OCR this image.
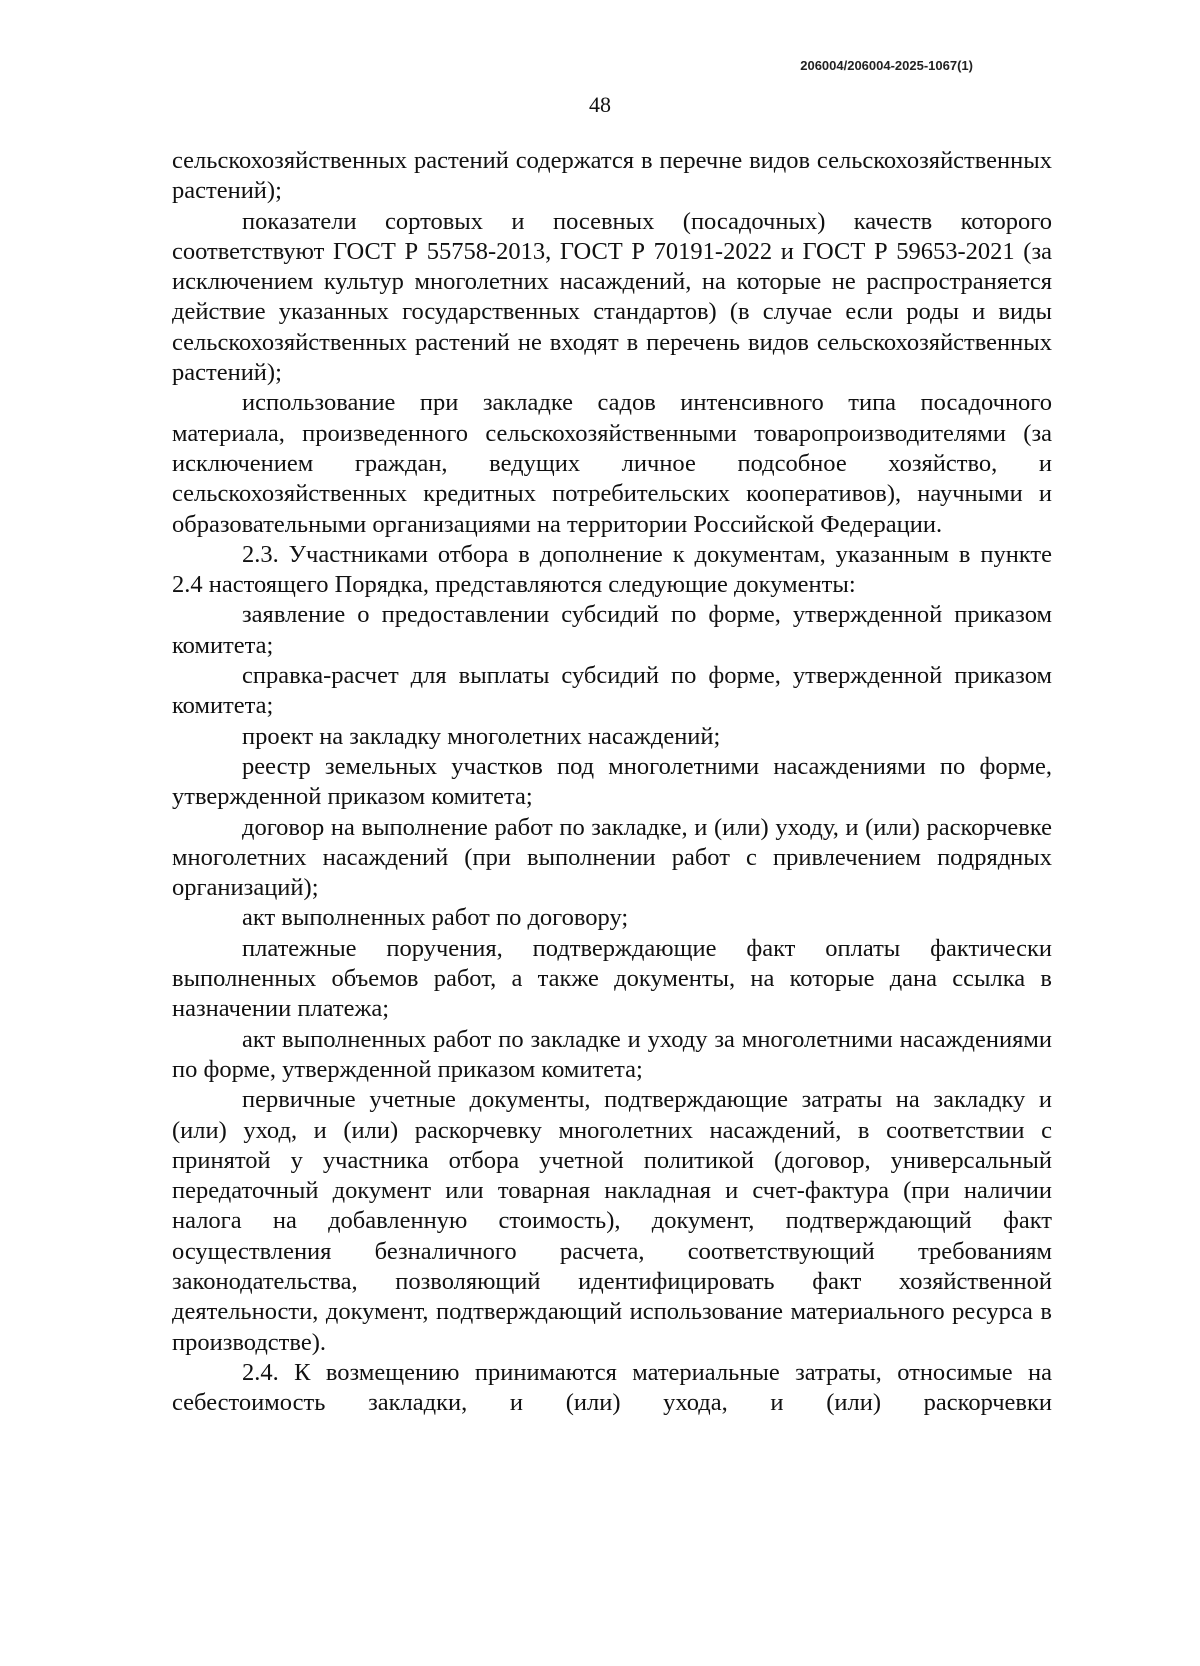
206004/206004-2025-1067(1)
48

сельскохозяйственных растений содержатся в перечне видов сельскохозяйственных растений);

показатели сортовых и посевных (посадочных) качеств которого соответствуют ГОСТ Р 55758-2013, ГОСТ Р 70191-2022 и ГОСТ Р 59653-2021 (за исключением культур многолетних насаждений, на которые не распространяется действие указанных государственных стандартов) (в случае если роды и виды сельскохозяйственных растений не входят в перечень видов сельскохозяйственных растений);

использование при закладке садов интенсивного типа посадочного материала, произведенного сельскохозяйственными товаропроизводителями (за исключением граждан, ведущих личное подсобное хозяйство, и сельскохозяйственных кредитных потребительских кооперативов), научными и образовательными организациями на территории Российской Федерации.

2.3. Участниками отбора в дополнение к документам, указанным в пункте 2.4 настоящего Порядка, представляются следующие документы:

заявление о предоставлении субсидий по форме, утвержденной приказом комитета;

справка-расчет для выплаты субсидий по форме, утвержденной приказом комитета;

проект на закладку многолетних насаждений;

реестр земельных участков под многолетними насаждениями по форме, утвержденной приказом комитета;

договор на выполнение работ по закладке, и (или) уходу, и (или) раскорчевке многолетних насаждений (при выполнении работ с привлечением подрядных организаций);

акт выполненных работ по договору;

платежные поручения, подтверждающие факт оплаты фактически выполненных объемов работ, а также документы, на которые дана ссылка в назначении платежа;

акт выполненных работ по закладке и уходу за многолетними насаждениями по форме, утвержденной приказом комитета;

первичные учетные документы, подтверждающие затраты на закладку и (или) уход, и (или) раскорчевку многолетних насаждений, в соответствии с принятой у участника отбора учетной политикой (договор, универсальный передаточный документ или товарная накладная и счет-фактура (при наличии налога на добавленную стоимость), документ, подтверждающий факт осуществления безналичного расчета, соответствующий требованиям законодательства, позволяющий идентифицировать факт хозяйственной деятельности, документ, подтверждающий использование материального ресурса в производстве).

2.4. К возмещению принимаются материальные затраты, относимые на себестоимость закладки, и (или) ухода, и (или) раскорчевки
